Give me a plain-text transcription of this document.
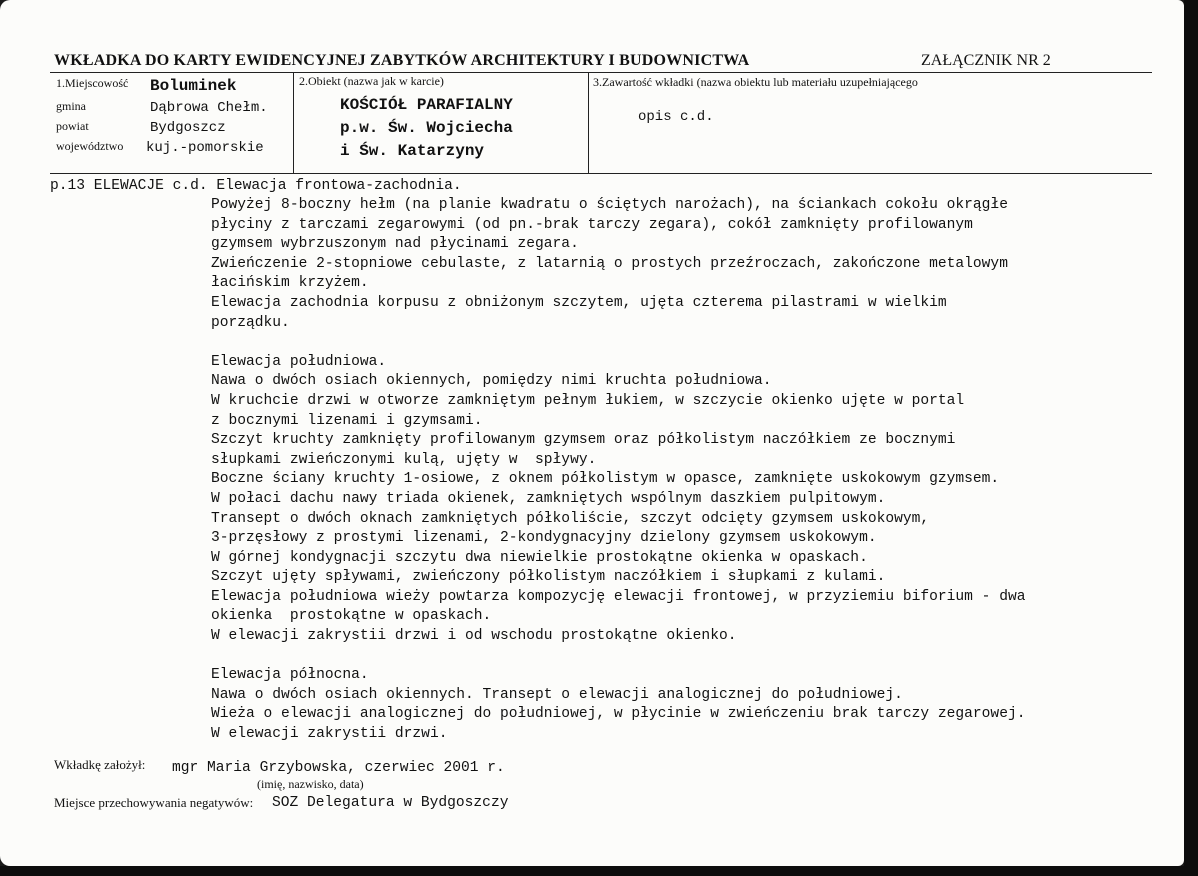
WKŁADKA DO KARTY EWIDENCYJNEJ ZABYTKÓW ARCHITEKTURY I BUDOWNICTWA	ZAŁĄCZNIK NR 2
1.Miejscowość Boluminek
gmina	Dąbrowa Chełm.
powiat	Bydgoszcz
województwo kuj.-pomorskie
2.Obiekt (nazwa jak w karcie)
KOŚCIÓŁ PARAFIALNY
p.w. Św. Wojciecha
i Św. Katarzyny
3.Zawartość wkładki (nazwa obiektu lub materiału uzupełniającego
opis c.d.
p.13 ELEWACJE c.d. Elewacja frontowa-zachodnia.
Powyżej 8-boczny hełm (na planie kwadratu o ściętych narożach), na ściankach cokołu okrągłe
płyciny z tarczami zegarowymi (od pn.-brak tarczy zegara), cokół zamknięty profilowanym
gzymsem wybrzuszonym nad płycinami zegara.
Zwieńczenie 2-stopniowe cebulaste, z latarnią o prostych przeźroczach, zakończone metalowym
łacińskim krzyżem.
Elewacja zachodnia korpusu z obniżonym szczytem, ujęta czterema pilastrami w wielkim
porządku.
Elewacja południowa.
Nawa o dwóch osiach okiennych, pomiędzy nimi kruchta południowa.
W kruchcie drzwi w otworze zamkniętym pełnym łukiem, w szczycie okienko ujęte w portal
z bocznymi lizenami i gzymsami.
Szczyt kruchty zamknięty profilowanym gzymsem oraz półkolistym naczółkiem ze bocznymi
słupkami zwieńczonymi kulą, ujęty w  spływy.
Boczne ściany kruchty 1-osiowe, z oknem półkolistym w opasce, zamknięte uskokowym gzymsem.
W połaci dachu nawy triada okienek, zamkniętych wspólnym daszkiem pulpitowym.
Transept o dwóch oknach zamkniętych półkoliście, szczyt odcięty gzymsem uskokowym,
3-przęsłowy z prostymi lizenami, 2-kondygnacyjny dzielony gzymsem uskokowym.
W górnej kondygnacji szczytu dwa niewielkie prostokątne okienka w opaskach.
Szczyt ujęty spływami, zwieńczony półkolistym naczółkiem i słupkami z kulami.
Elewacja południowa wieży powtarza kompozycję elewacji frontowej, w przyziemiu biforium - dwa
okienka  prostokątne w opaskach.
W elewacji zakrystii drzwi i od wschodu prostokątne okienko.
Elewacja północna.
Nawa o dwóch osiach okiennych. Transept o elewacji analogicznej do południowej.
Wieża o elewacji analogicznej do południowej, w płycinie w zwieńczeniu brak tarczy zegarowej.
W elewacji zakrystii drzwi.
Wkładkę założył: mgr Maria Grzybowska, czerwiec 2001 r.
(imię, nazwisko, data)
Miejsce przechowywania negatywów: SOZ Delegatura w Bydgoszczy
